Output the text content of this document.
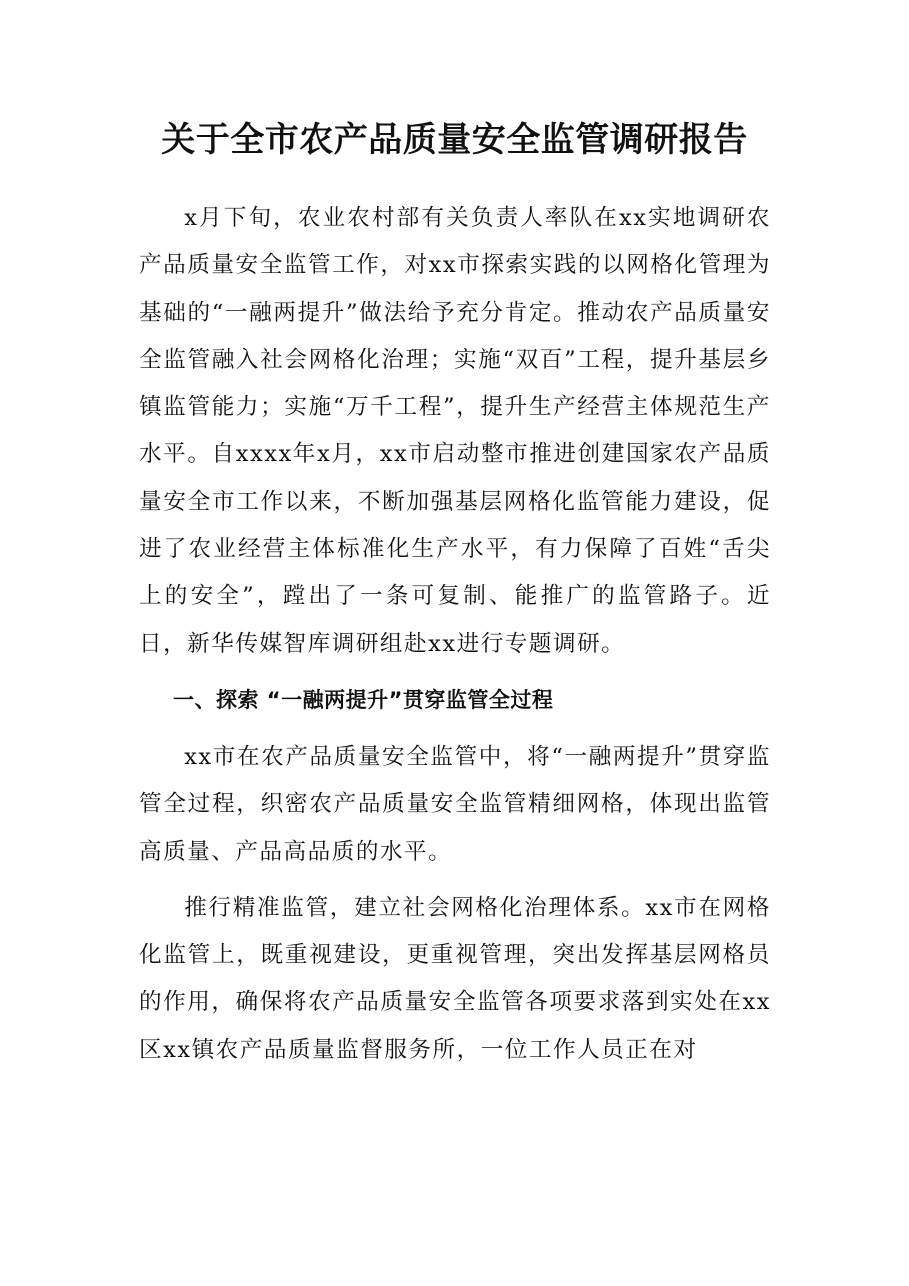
关于全市农产品质量安全监管调研报告

x月下旬，农业农村部有关负责人率队在xx实地调研农产品质量安全监管工作，对xx市探索实践的以网格化管理为基础的“一融两提升”做法给予充分肯定。推动农产品质量安全监管融入社会网格化治理；实施“双百”工程，提升基层乡镇监管能力；实施“万千工程”，提升生产经营主体规范生产水平。自xxxx年x月，xx市启动整市推进创建国家农产品质量安全市工作以来，不断加强基层网格化监管能力建设，促进了农业经营主体标准化生产水平，有力保障了百姓“舌尖上的安全”，蹚出了一条可复制、能推广的监管路子。近日，新华传媒智库调研组赴xx进行专题调研。

一、探索 “一融两提升”贯穿监管全过程

xx市在农产品质量安全监管中，将“一融两提升”贯穿监管全过程，织密农产品质量安全监管精细网格，体现出监管高质量、产品高品质的水平。

推行精准监管，建立社会网格化治理体系。xx市在网格化监管上，既重视建设，更重视管理，突出发挥基层网格员的作用，确保将农产品质量安全监管各项要求落到实处在xx区xx镇农产品质量监督服务所，一位工作人员正在对
